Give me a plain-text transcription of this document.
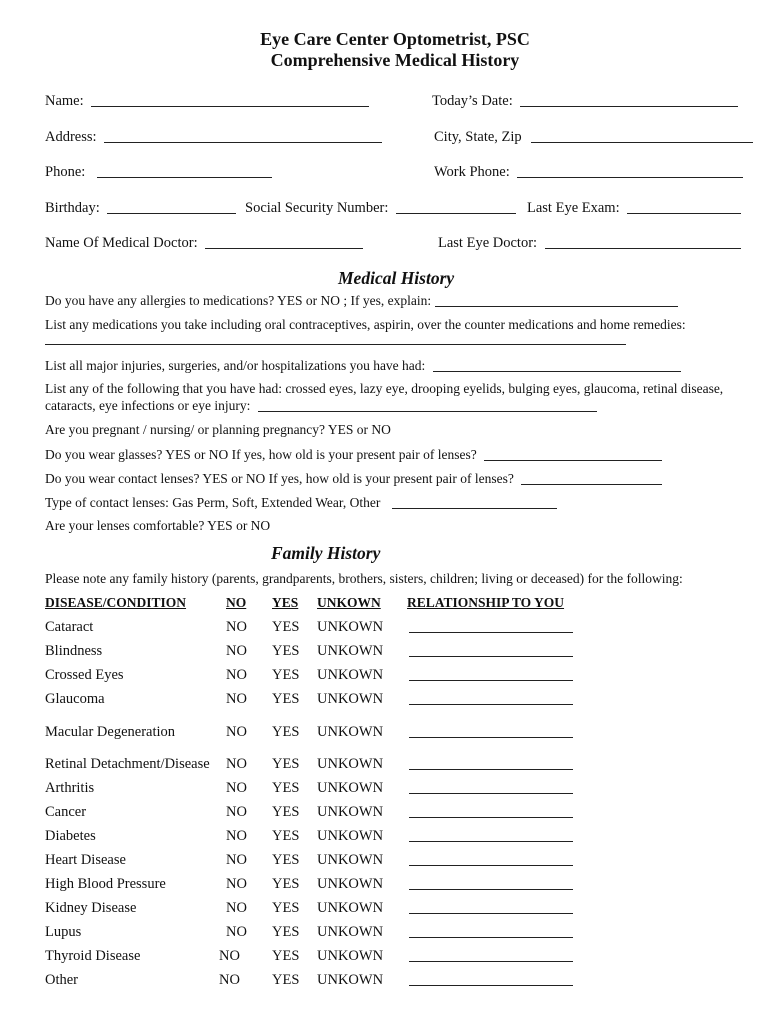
Eye Care Center Optometrist, PSC
Comprehensive Medical History
Name:	Today’s Date:
Address:	City, State, Zip
Phone:	Work Phone:
Birthday:	Social Security Number:	Last Eye Exam:
Name Of Medical Doctor:	Last Eye Doctor:
Medical History
Do you have any allergies to medications? YES or NO ; If yes, explain:
List any medications you take including oral contraceptives, aspirin, over the counter medications and home remedies:
List all major injuries, surgeries, and/or hospitalizations you have had:
List any of the following that you have had: crossed eyes, lazy eye, drooping eyelids, bulging eyes, glaucoma, retinal disease,
cataracts, eye infections or eye injury:
Are you pregnant / nursing/ or planning pregnancy? YES or NO
Do you wear glasses? YES or NO If yes, how old is your present pair of lenses?
Do you wear contact lenses? YES or NO If yes, how old is your present pair of lenses?
Type of contact lenses: Gas Perm, Soft, Extended Wear, Other
Are your lenses comfortable? YES or NO
Family History
Please note any family history (parents, grandparents, brothers, sisters, children; living or deceased) for the following:
DISEASE/CONDITION	NO YES UNKOWN RELATIONSHIP TO YOU
Cataract	NO YES UNKOWN
Blindness	NO YES UNKOWN
Crossed Eyes	NO YES UNKOWN
Glaucoma	NO YES UNKOWN
Macular Degeneration	NO YES UNKOWN
Retinal Detachment/Disease NO YES UNKOWN
Arthritis	NO YES UNKOWN
Cancer	NO YES UNKOWN
Diabetes	NO YES UNKOWN
Heart Disease	NO YES UNKOWN
High Blood Pressure	NO YES UNKOWN
Kidney Disease	NO YES UNKOWN
Lupus	NO YES UNKOWN
Thyroid Disease	NO YES UNKOWN
Other	NO YES UNKOWN
